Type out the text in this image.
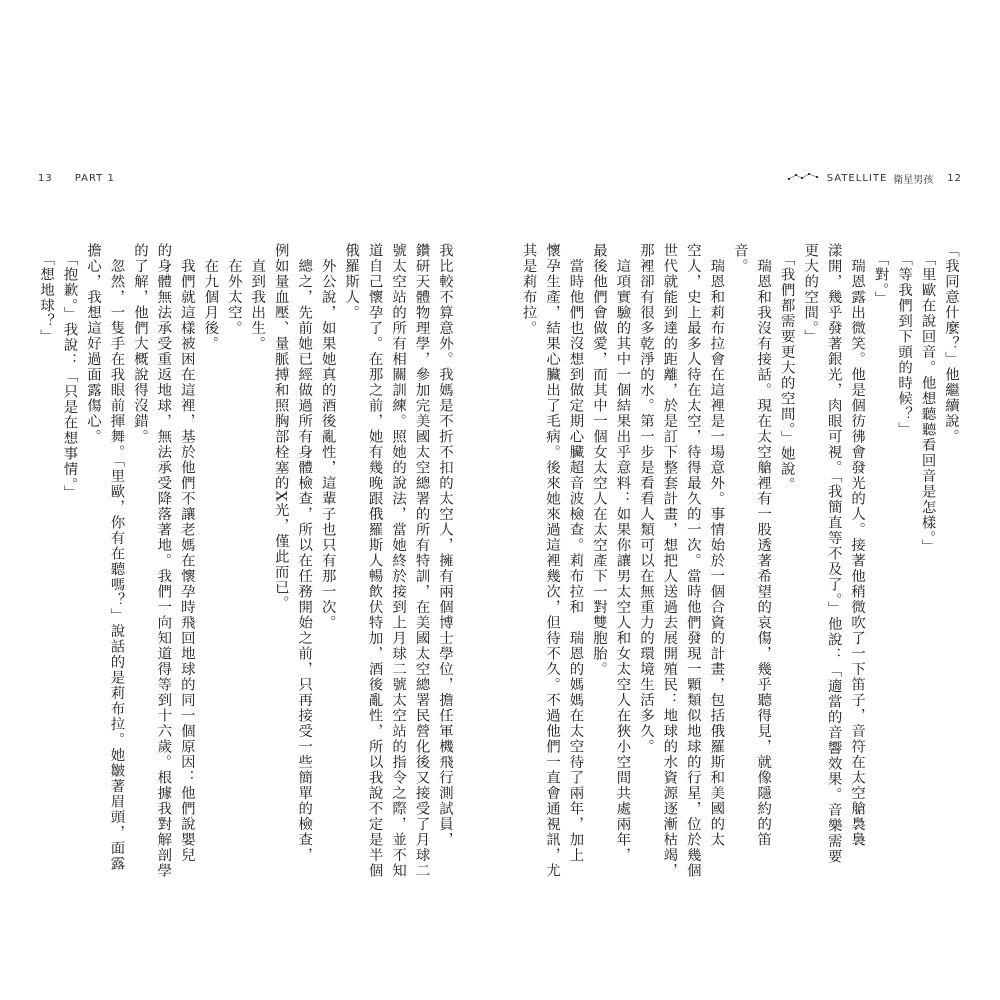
13 PART 1

我比較不算意外。我媽是不折不扣的太空人，擁有兩個博士學位，擔任軍機飛行測試員，

鑽研天體物理學，參加完美國太空總署的所有特訓，在美國太空總署民營化後又接受了月球二

號太空站的所有相關訓練。照她的說法，當她終於接到上月球二號太空站的指令之際，並不知

道自己懷孕了。在那之前，她有幾晚跟俄羅斯人暢飲伏特加，酒後亂性，所以我說不定是半個

俄羅斯人。

　外公說，如果她真的酒後亂性，這輩子也只有那一次。

　總之，先前她已經做過所有身體檢查，所以在任務開始之前，只再接受一些簡單的檢查，

例如量血壓、量脈搏和照胸部栓塞的X光，僅此而已。

　直到我出生。

　在外太空。

　在九個月後。

　我們就這樣被困在這裡，基於他們不讓老媽在懷孕時飛回地球的同一個原因：他們說嬰兒

的身體無法承受重返地球，無法承受降落著地。我們一向知道得等到十六歲。根據我對解剖學

的了解，他們大概說得沒錯。

　忽然，一隻手在我眼前揮舞。「里歐，你有在聽嗎？」說話的是莉布拉。她皺著眉頭，面露

擔心，我想這好過面露傷心。

　「抱歉。」我說：「只是在想事情。」

　「想地球？」

SATELLITE 衛星男孩 12

「我同意什麼？」他繼續說。

　「里歐在說回音。他想聽聽看回音是怎樣。」

　「等我們到下頭的時候？」

　「對。」

　瑞恩露出微笑。他是個彷彿會發光的人。接著他稍微吹了一下笛子，音符在太空艙裊裊

漾開，幾乎發著銀光，肉眼可視。「我簡直等不及了。」他說：「適當的音響效果。音樂需要

更大的空間。」

　「我們都需要更大的空間。」她說。

　瑞恩和我沒有接話。現在太空艙裡有一股透著希望的哀傷，幾乎聽得見，就像隱約的笛

音。

　瑞恩和莉布拉會在這裡是一場意外。事情始於一個合資的計畫，包括俄羅斯和美國的太

空人，史上最多人待在太空，待得最久的一次。當時他們發現一顆類似地球的行星，位於幾個

世代就能到達的距離，於是訂下整套計畫，想把人送過去展開殖民：地球的水資源逐漸枯竭，

那裡卻有很多乾淨的水。第一步是看看人類可以在無重力的環境生活多久。

　這項實驗的其中一個結果出乎意料：如果你讓男太空人和女太空人在狹小空間共處兩年，

最後他們會做愛，而其中一個女太空人在太空產下一對雙胞胎。

　當時他們也沒想到做定期心臟超音波檢查。莉布拉和　瑞恩的媽媽在太空待了兩年，加上

懷孕生產，結果心臟出了毛病。後來她來過這裡幾次，但待不久。不過他們一直會通視訊，尤

其是莉布拉。
